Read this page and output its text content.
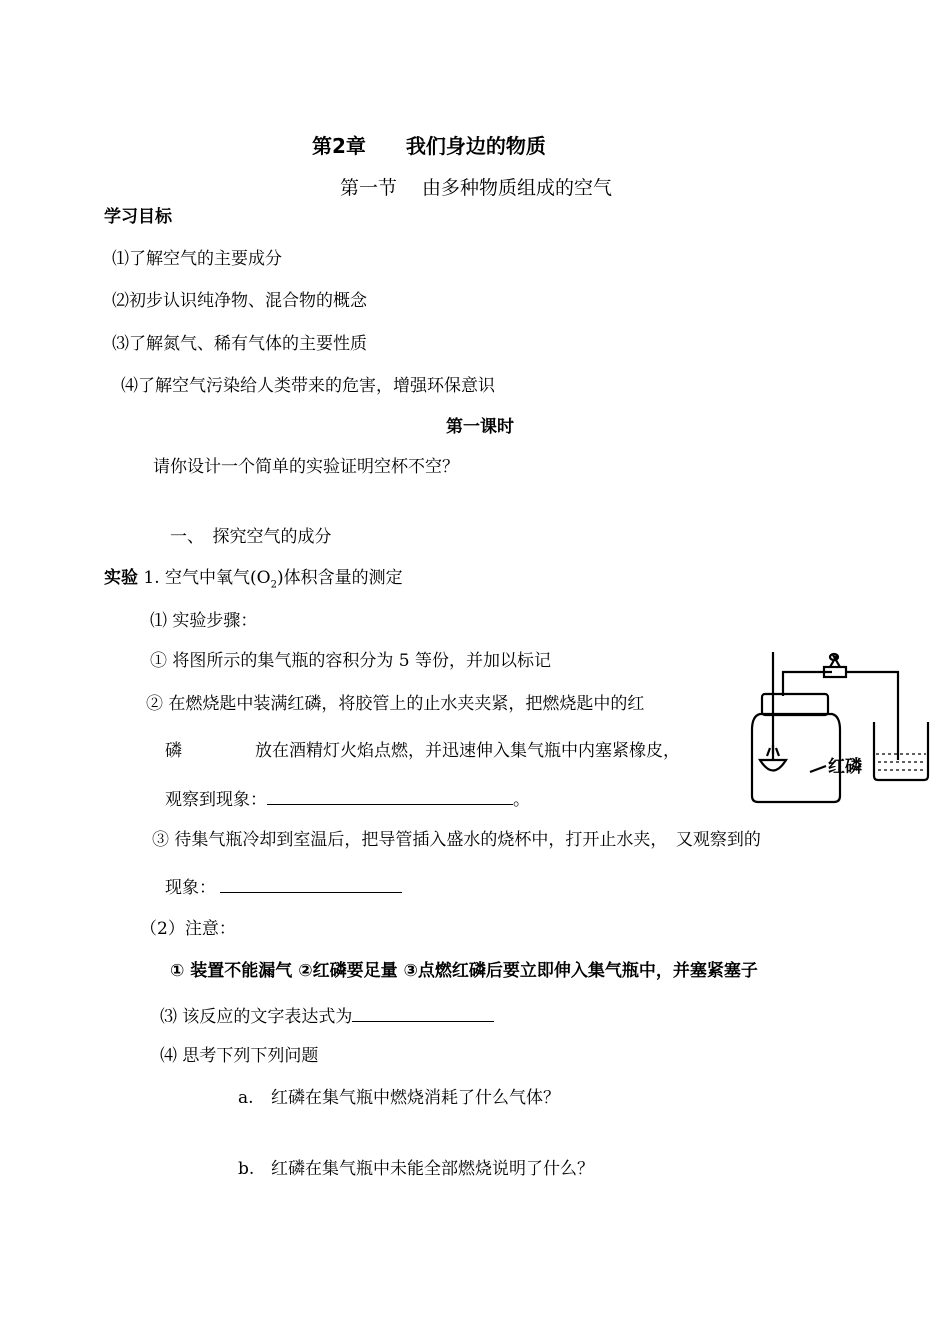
第2章　　我们身边的物质
第一节　 由多种物质组成的空气
学习目标
⑴了解空气的主要成分
⑵初步认识纯净物、混合物的概念
⑶了解氮气、稀有气体的主要性质
⑷了解空气污染给人类带来的危害，增强环保意识
第一课时
请你设计一个简单的实验证明空杯不空？
一、　探究空气的成分
实验 1. 空气中氧气$(O_2)$体积含量的测定
⑴ 实验步骤：
① 将图所示的集气瓶的容积分为 5 等份，并加以标记
② 在燃烧匙中装满红磷，将胶管上的止水夹夹紧，把燃烧匙中的红
磷	放在酒精灯火焰点燃，并迅速伸入集气瓶中内塞紧橡皮，
观察到现象：	。
③ 待集气瓶冷却到室温后，把导管插入盛水的烧杯中，打开止水夹，　又观察到的
现象：
（2）注意：
① 装置不能漏气 ②红磷要足量 ③点燃红磷后要立即伸入集气瓶中，并塞紧塞子
⑶ 该反应的文字表达式为
⑷ 思考下列下列问题
a. 红磷在集气瓶中燃烧消耗了什么气体？
b. 红磷在集气瓶中未能全部燃烧说明了什么？
红磷
